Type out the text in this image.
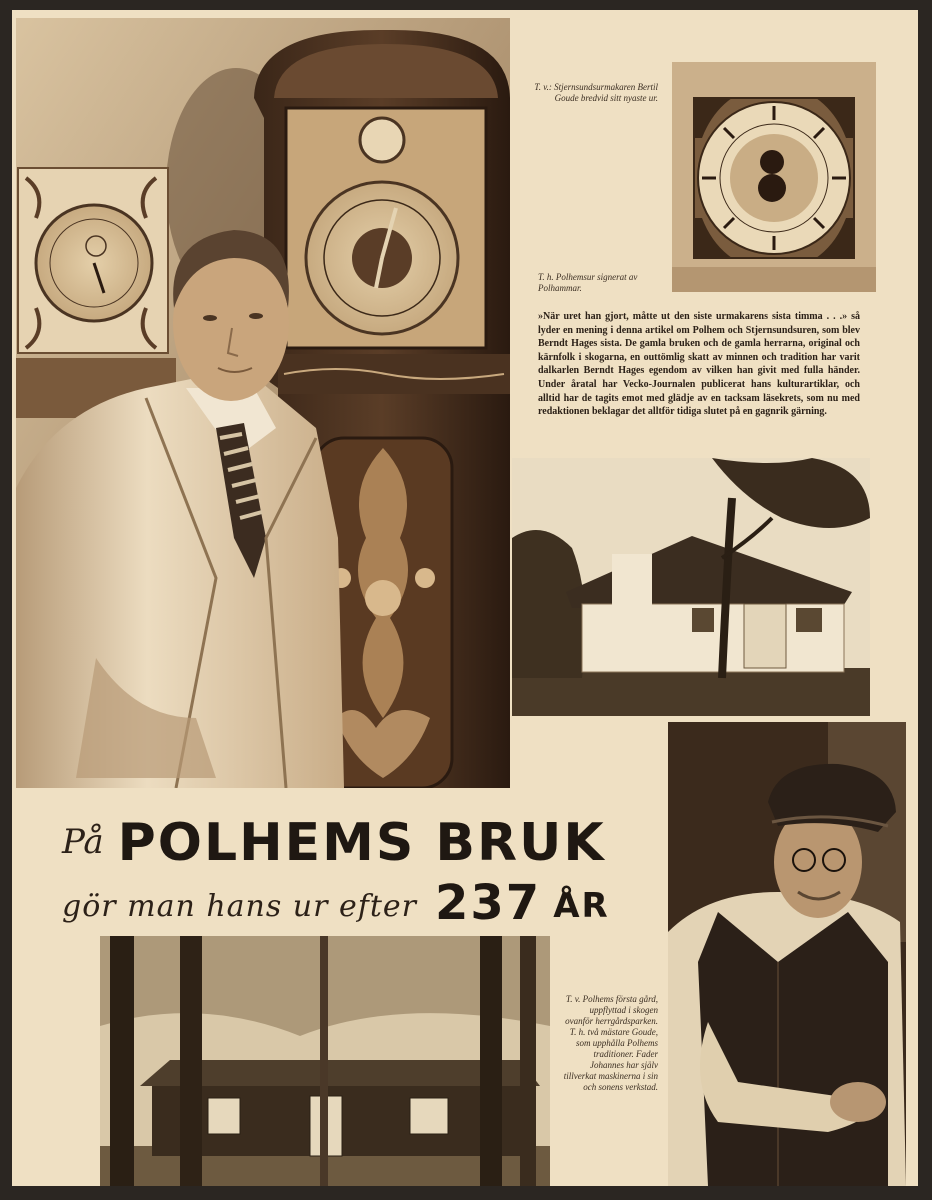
T. v.: Stjernsundsurmakaren Bertil Goude bredvid sitt nyaste ur.
T. h. Polhemsur signerat av Polhammar.
»När uret han gjort, måtte ut den siste urmakarens sista timma . . .» så lyder en mening i denna artikel om Polhem och Stjernsundsuren, som blev Berndt Hages sista. De gamla bruken och de gamla herrarna, original och kärnfolk i skogarna, en outtömlig skatt av minnen och tradition har varit dalkarlen Berndt Hages egendom av vilken han givit med fulla händer. Under åratal har Vecko-Journalen publicerat hans kulturartiklar, och alltid har de tagits emot med glädje av en tacksam läsekrets, som nu med redaktionen beklagar det alltför tidiga slutet på en gagnrik gärning.
På POLHEMS BRUK
gör man hans ur efter 237 ÅR
T. v. Polhems första gård, uppflyttad i skogen ovanför herrgårdsparken. T. h. två mästare Goude, som upphålla Polhems traditioner. Fader Johannes har själv tillverkat maskinerna i sin och sonens verkstad.
